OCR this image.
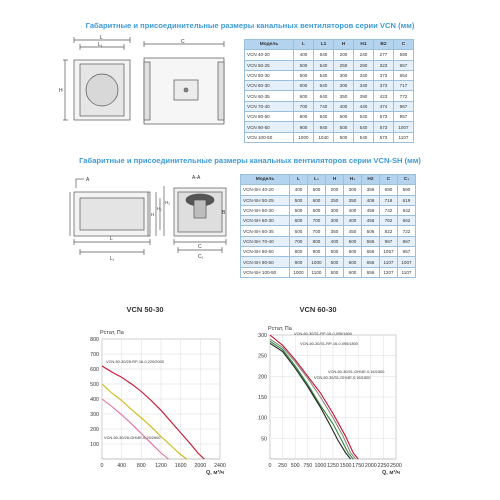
Габаритные и присоединительные размеры канальных вентиляторов серии VCN (мм)
L
L₁
H
C	Модель	L	L1	H	H1	B2	C
VCN 40-20	400	640	200	240	277	590
VCN 50-25	500	540	250	290	323	657
VCN 50-30	500	540	300	340	373	654
VCN 60-30	600	640	300	340	373	717
VCN 60-35	600	640	350	390	423	772
VCN 70-40	700	740	400	440	474	967
VCN 80-50	800	840	500	540	573	957
VCN 90-50	900	940	500	540	573	1007
VCN 100-50	1000	1040	500	540	573	1107
Габаритные и присоединительные размеры канальных вентиляторов серии VCN-SH (мм)
A	A-A
L
L₁
H
H₁
H₂
C
C₁
B
Модель	L	L₁	H	H₁	H2	C	C₁
VCN-SH 40-20	400	500	200	300	356	690	590
VCN-SH 50-25	500	600	250	350	406	719	619
VCN-SH 50-30	500	600	300	400	456	742	642
VCN-SH 60-30	600	700	300	400	456	762	662
VCN-SH 60-35	600	700	350	450	506	822	722
VCN-SH 70-40	700	800	400	500	556	967	867
VCN-SH 80-50	800	900	500	600	656	1057	957
VCN-SH 90-50	900	1000	500	600	656	1107	1007
VCN-SH 100-50	1000	1100	500	600	656	1207	1107
VCN 50-30
0	400 800 1200 1600 2000 2400
100
200
300
400
500
600
700
800
Pстат, Па
Q, м³/ч
VCN-50-30/28-RP-16-0,220/2000
VCN-50-30/28-GH/4E-0,25/2600
VCN 60-30
0 250 500 750 1000 1250 1500 1750 2000 2250 2500
50
100
150
200
250
300
Pстат, Па
Q, м³/ч
VCN-60-30/31-RP-16-0,095/1800
VCN-60-30/31-RP-16-0,095/1800
VCN-60-30/31-GH/4E-0,16/1500
VCN-60-30/31-GH/4E-0,16/1500
